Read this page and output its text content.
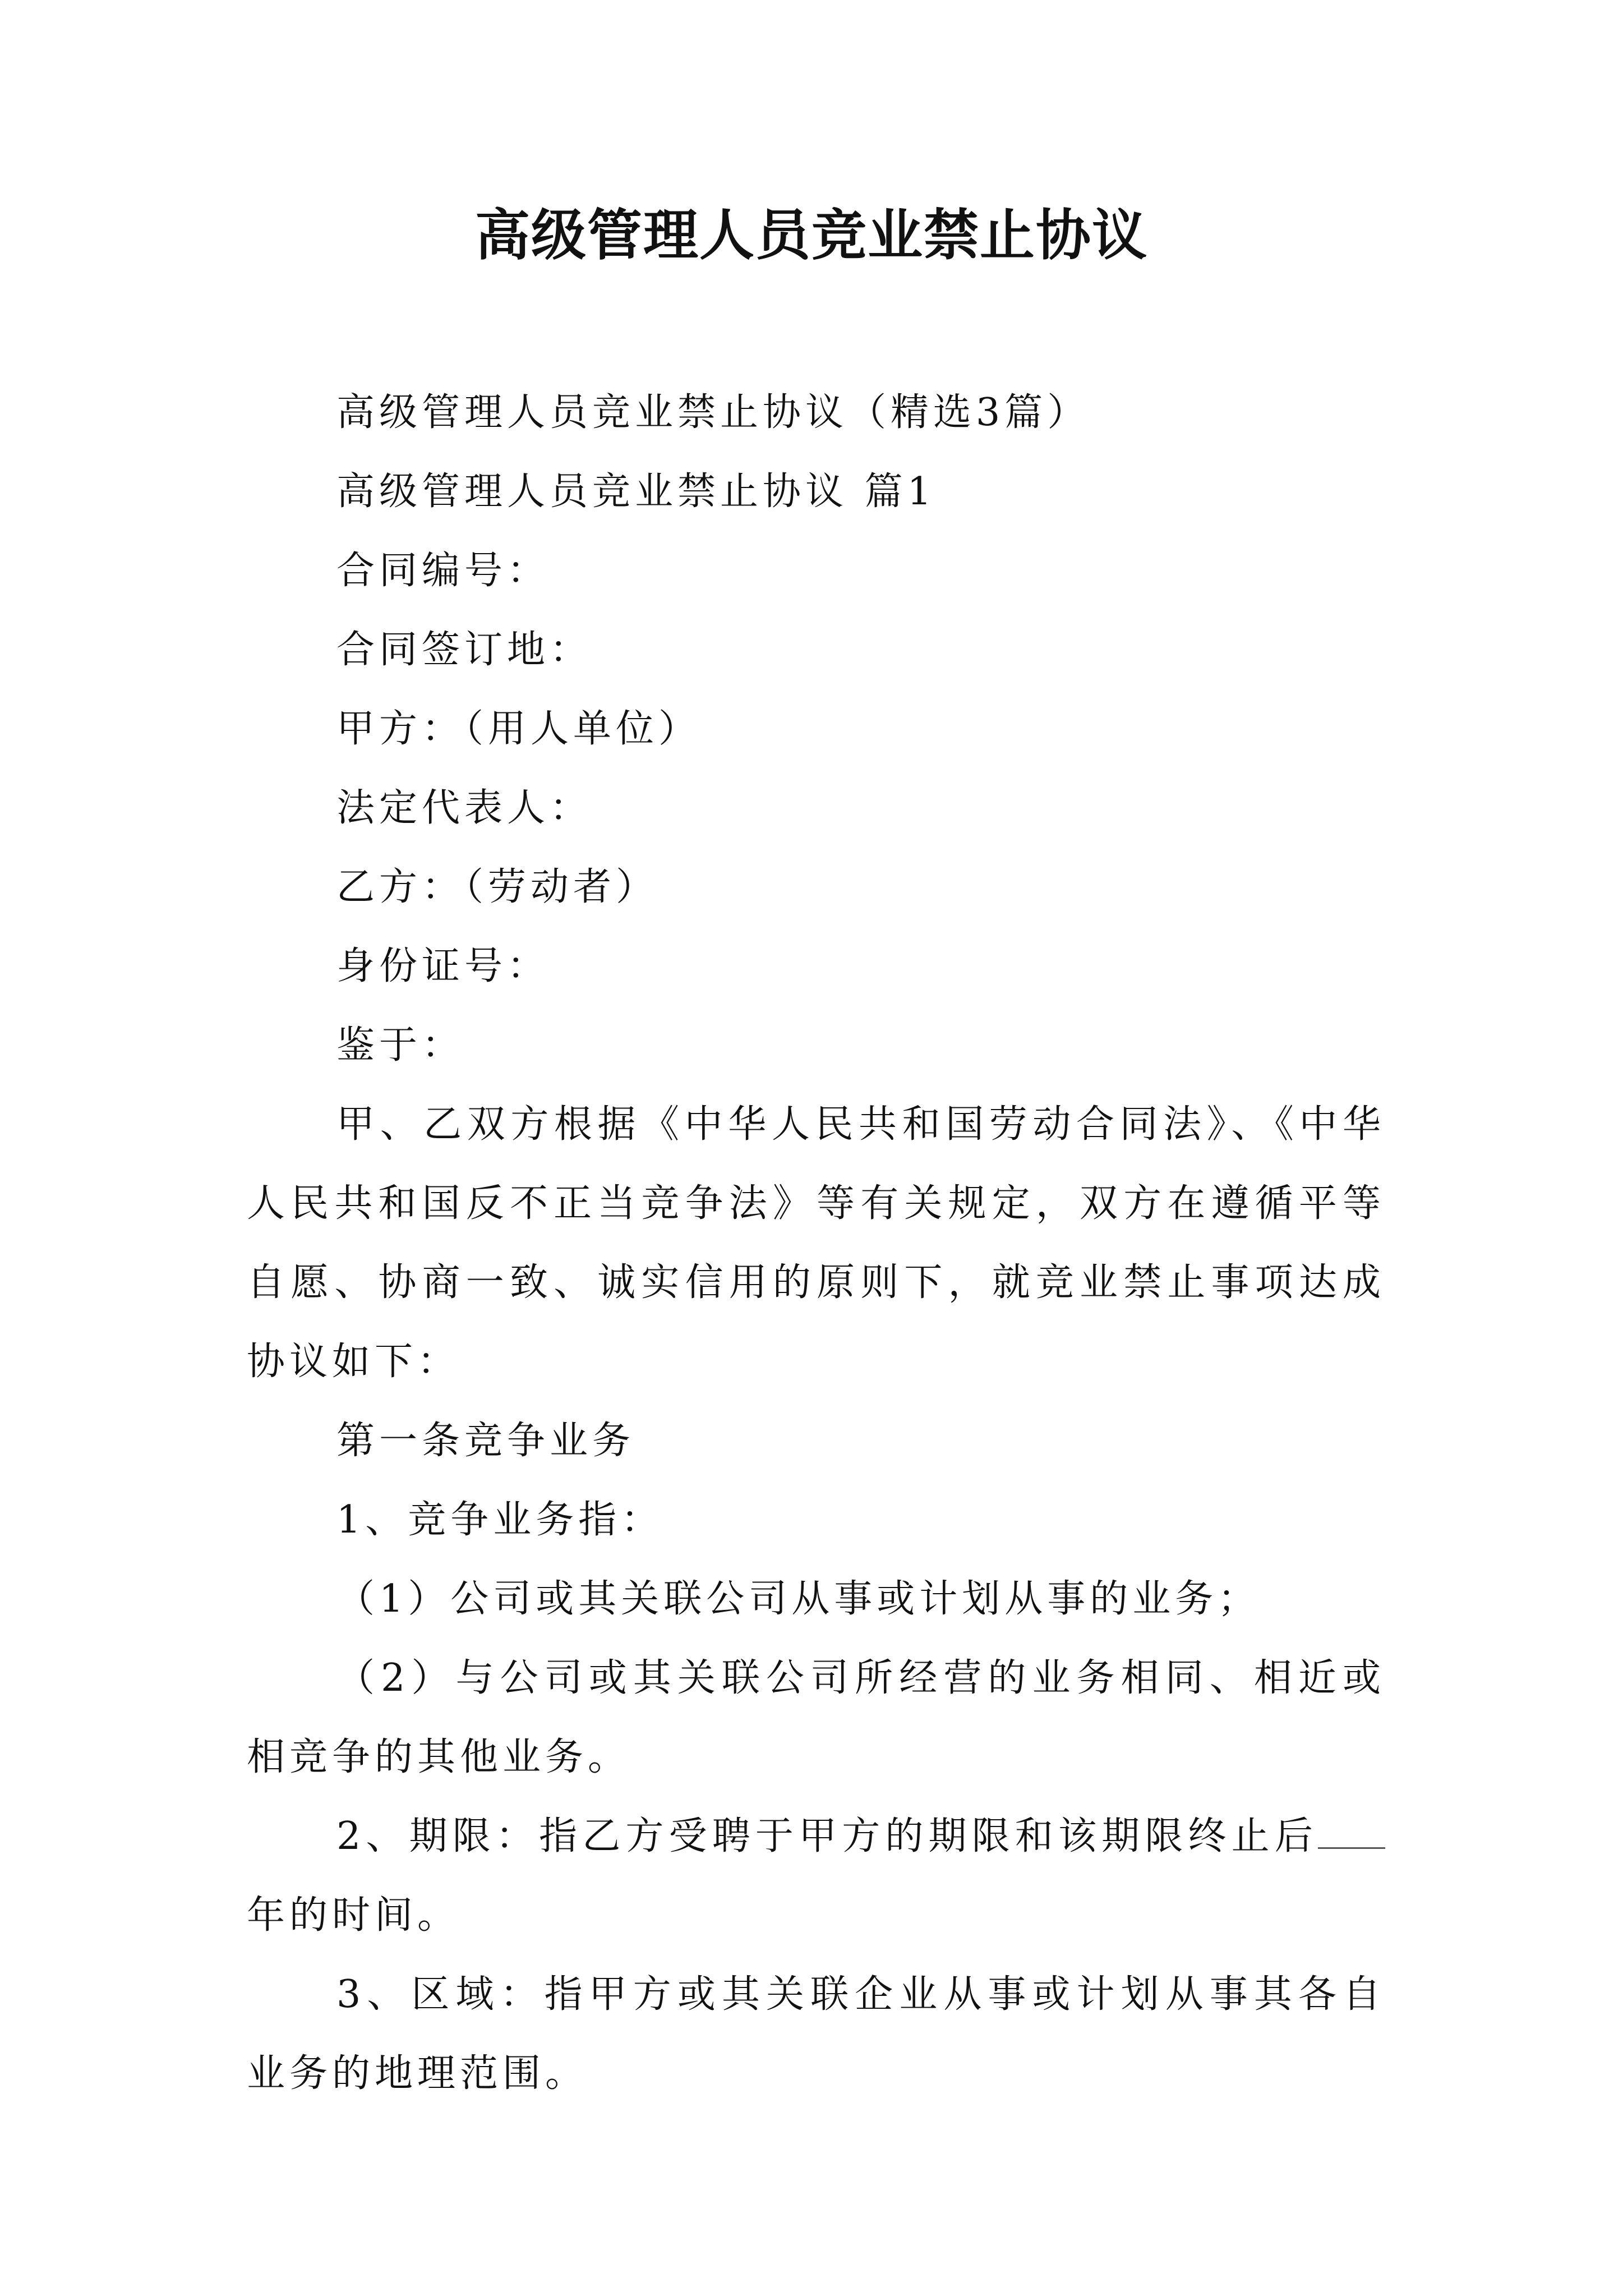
高级管理人员竞业禁止协议

高级管理人员竞业禁止协议（精选3篇）

高级管理人员竞业禁止协议 篇1

合同编号：

合同签订地：

甲方：（用人单位）

法定代表人：

乙方：（劳动者）

身份证号：

鉴于：

甲、乙双方根据《中华人民共和国劳动合同法》、《中华人民共和国反不正当竞争法》等有关规定，双方在遵循平等自愿、协商一致、诚实信用的原则下，就竞业禁止事项达成协议如下：

第一条竞争业务

1、竞争业务指：

（1）公司或其关联公司从事或计划从事的业务；

（2）与公司或其关联公司所经营的业务相同、相近或相竞争的其他业务。

2、期限：指乙方受聘于甲方的期限和该期限终止后年的时间。

3、区域：指甲方或其关联企业从事或计划从事其各自业务的地理范围。
